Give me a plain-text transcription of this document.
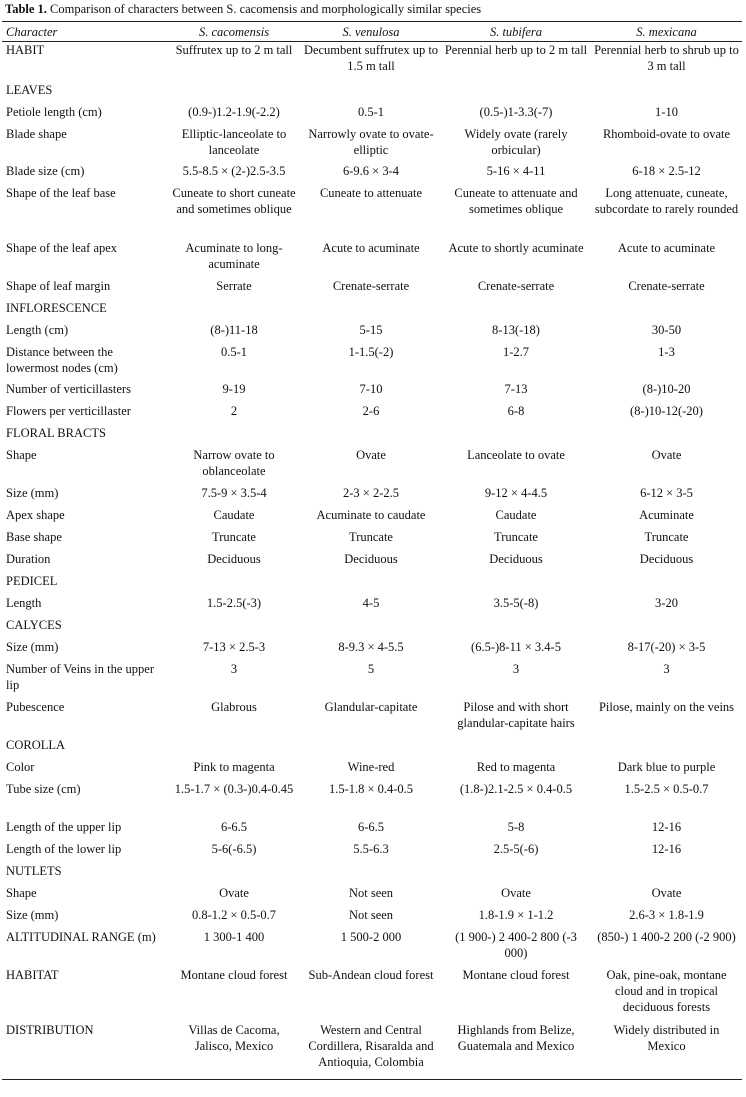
Table 1. Comparison of characters between S. cacomensis and morphologically similar species
Character	S. cacomensis	S. venulosa	S. tubifera	S. mexicana
HABIT	Suffrutex up to 2 m tall	Decumbent suffrutex up to 1.5 m tall	Perennial herb up to 2 m tall	Perennial herb to shrub up to 3 m tall
LEAVES				
Petiole length (cm)	(0.9-)1.2-1.9(-2.2)	0.5-1	(0.5-)1-3.3(-7)	1-10
Blade shape	Elliptic-lanceolate to lanceolate	Narrowly ovate to ovate-elliptic	Widely ovate (rarely orbicular)	Rhomboid-ovate to ovate
Blade size (cm)	5.5-8.5 × (2-)2.5-3.5	6-9.6 × 3-4	5-16 × 4-11	6-18 × 2.5-12
Shape of the leaf base	Cuneate to short cuneate and sometimes oblique	Cuneate to attenuate	Cuneate to attenuate and sometimes oblique	Long attenuate, cuneate, subcordate to rarely rounded
Shape of the leaf apex	Acuminate to long-acuminate	Acute to acuminate	Acute to shortly acuminate	Acute to acuminate
Shape of leaf margin	Serrate	Crenate-serrate	Crenate-serrate	Crenate-serrate
INFLORESCENCE				
Length (cm)	(8-)11-18	5-15	8-13(-18)	30-50
Distance between the lowermost nodes (cm)	0.5-1	1-1.5(-2)	1-2.7	1-3
Number of verticillasters	9-19	7-10	7-13	(8-)10-20
Flowers per verticillaster	2	2-6	6-8	(8-)10-12(-20)
FLORAL BRACTS				
Shape	Narrow ovate to oblanceolate	Ovate	Lanceolate to ovate	Ovate
Size (mm)	7.5-9 × 3.5-4	2-3 × 2-2.5	9-12 × 4-4.5	6-12 × 3-5
Apex shape	Caudate	Acuminate to caudate	Caudate	Acuminate
Base shape	Truncate	Truncate	Truncate	Truncate
Duration	Deciduous	Deciduous	Deciduous	Deciduous
PEDICEL				
Length	1.5-2.5(-3)	4-5	3.5-5(-8)	3-20
CALYCES				
Size (mm)	7-13 × 2.5-3	8-9.3 × 4-5.5	(6.5-)8-11 × 3.4-5	8-17(-20) × 3-5
Number of Veins in the upper lip	3	5	3	3
Pubescence	Glabrous	Glandular-capitate	Pilose and with short glandular-capitate hairs	Pilose, mainly on the veins
COROLLA				
Color	Pink to magenta	Wine-red	Red to magenta	Dark blue to purple
Tube size (cm)	1.5-1.7 × (0.3-)0.4-0.45	1.5-1.8 × 0.4-0.5	(1.8-)2.1-2.5 × 0.4-0.5	1.5-2.5 × 0.5-0.7
Length of the upper lip	6-6.5	6-6.5	5-8	12-16
Length of the lower lip	5-6(-6.5)	5.5-6.3	2.5-5(-6)	12-16
NUTLETS				
Shape	Ovate	Not seen	Ovate	Ovate
Size (mm)	0.8-1.2 × 0.5-0.7	Not seen	1.8-1.9 × 1-1.2	2.6-3 × 1.8-1.9
ALTITUDINAL RANGE (m)	1 300-1 400	1 500-2 000	(1 900-) 2 400-2 800 (-3 000)	(850-) 1 400-2 200 (-2 900)
HABITAT	Montane cloud forest	Sub-Andean cloud forest	Montane cloud forest	Oak, pine-oak, montane cloud and in tropical deciduous forests
DISTRIBUTION	Villas de Cacoma, Jalisco, Mexico	Western and Central Cordillera, Risaralda and Antioquia, Colombia	Highlands from Belize, Guatemala and Mexico	Widely distributed in Mexico
